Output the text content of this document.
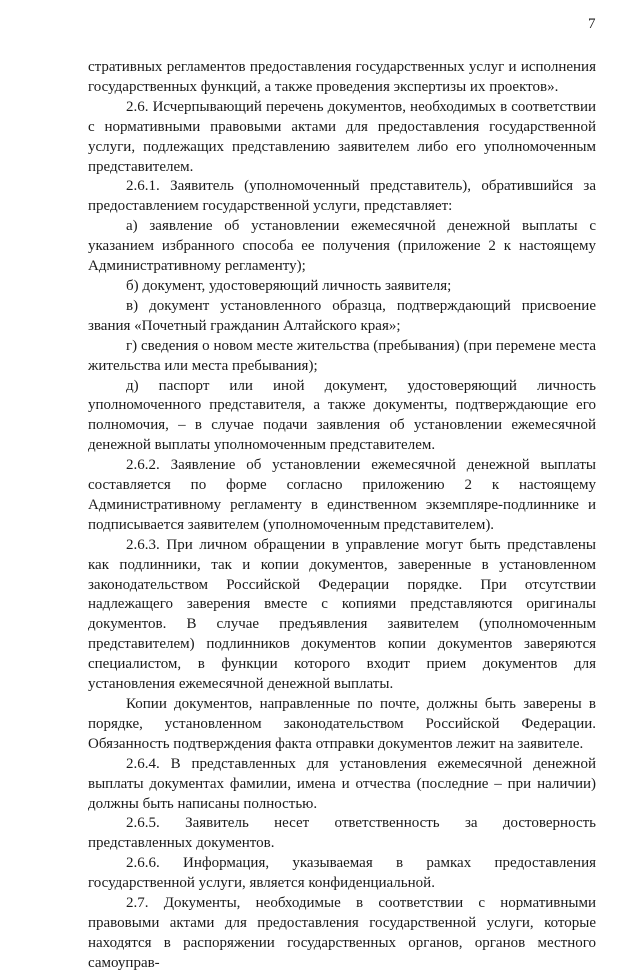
7

стративных регламентов предоставления государственных услуг и исполнения государственных функций, а также проведения экспертизы их проектов».

2.6. Исчерпывающий перечень документов, необходимых в соответствии с нормативными правовыми актами для предоставления государственной услуги, подлежащих представлению заявителем либо его уполномоченным представителем.

2.6.1. Заявитель (уполномоченный представитель), обратившийся за предоставлением государственной услуги, представляет:

а) заявление об установлении ежемесячной денежной выплаты с указанием избранного способа ее получения (приложение 2 к настоящему Административному регламенту);

б) документ, удостоверяющий личность заявителя;

в) документ установленного образца, подтверждающий присвоение звания «Почетный гражданин Алтайского края»;

г) сведения о новом месте жительства (пребывания) (при перемене места жительства или места пребывания);

д) паспорт или иной документ, удостоверяющий личность уполномоченного представителя, а также документы, подтверждающие его полномочия, – в случае подачи заявления об установлении ежемесячной денежной выплаты уполномоченным представителем.

2.6.2. Заявление об установлении ежемесячной денежной выплаты составляется по форме согласно приложению 2 к настоящему Административному регламенту в единственном экземпляре-подлиннике и подписывается заявителем (уполномоченным представителем).

2.6.3. При личном обращении в управление могут быть представлены как подлинники, так и копии документов, заверенные в установленном законодательством Российской Федерации порядке. При отсутствии надлежащего заверения вместе с копиями представляются оригиналы документов. В случае предъявления заявителем (уполномоченным представителем) подлинников документов копии документов заверяются специалистом, в функции которого входит прием документов для установления ежемесячной денежной выплаты.

Копии документов, направленные по почте, должны быть заверены в порядке, установленном законодательством Российской Федерации. Обязанность подтверждения факта отправки документов лежит на заявителе.

2.6.4. В представленных для установления ежемесячной денежной выплаты документах фамилии, имена и отчества (последние – при наличии) должны быть написаны полностью.

2.6.5. Заявитель несет ответственность за достоверность представленных документов.

2.6.6. Информация, указываемая в рамках предоставления государственной услуги, является конфиденциальной.

2.7. Документы, необходимые в соответствии с нормативными правовыми актами для предоставления государственной услуги, которые находятся в распоряжении государственных органов, органов местного самоуправ-
